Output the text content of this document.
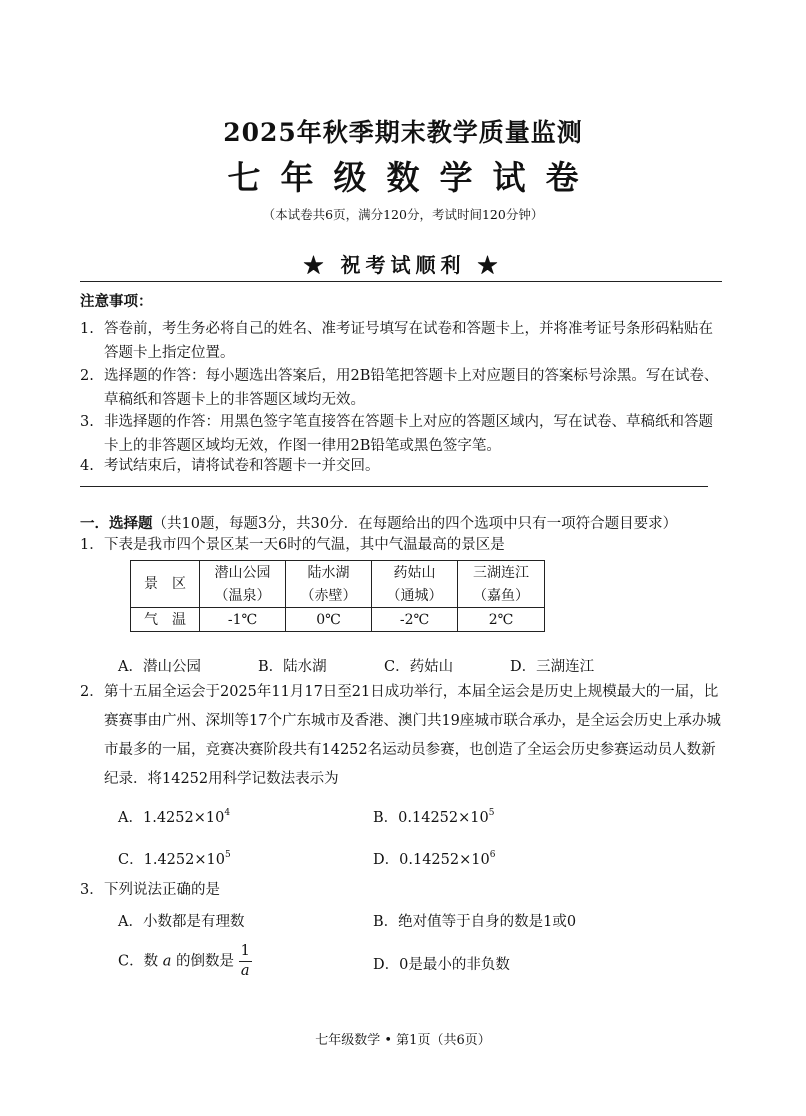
2025年秋季期末教学质量监测
七年级数学试卷
（本试卷共6页，满分120分，考试时间120分钟）
★ 祝考试顺利 ★
注意事项：
1. 答卷前，考生务必将自己的姓名、准考证号填写在试卷和答题卡上，并将准考证号条形码粘贴在答题卡上指定位置。
2. 选择题的作答：每小题选出答案后，用2B铅笔把答题卡上对应题目的答案标号涂黑。写在试卷、草稿纸和答题卡上的非答题区域均无效。
3. 非选择题的作答：用黑色签字笔直接答在答题卡上对应的答题区域内，写在试卷、草稿纸和答题卡上的非答题区域均无效，作图一律用2B铅笔或黑色签字笔。
4. 考试结束后，请将试卷和答题卡一并交回。
一．选择题（共10题，每题3分，共30分．在每题给出的四个选项中只有一项符合题目要求）
1． 下表是我市四个景区某一天6时的气温，其中气温最高的景区是
景　区	潜山公园	陆水湖	药姑山	三湖连江
	（温泉）	（赤壁）	（通城）	（嘉鱼）
气　温	-1℃	0℃	-2℃	2℃
A．潜山公园	B．陆水湖	C．药姑山	D．三湖连江
2． 第十五届全运会于2025年11月17日至21日成功举行，本届全运会是历史上规模最大的一届，比赛赛事由广州、深圳等17个广东城市及香港、澳门共19座城市联合承办，是全运会历史上承办城市最多的一届，竞赛决赛阶段共有14252名运动员参赛，也创造了全运会历史参赛运动员人数新纪录．将14252用科学记数法表示为
A．$1.4252\times 10^4$	B．$0.14252\times 10^5$
C．$1.4252\times 10^5$	D．$0.14252\times 10^6$
3． 下列说法正确的是
A．小数都是有理数	B．绝对值等于自身的数是1或0
C．数 a 的倒数是 $\frac{1}{a}$	D．0是最小的非负数
七年级数学 • 第1页（共6页）
